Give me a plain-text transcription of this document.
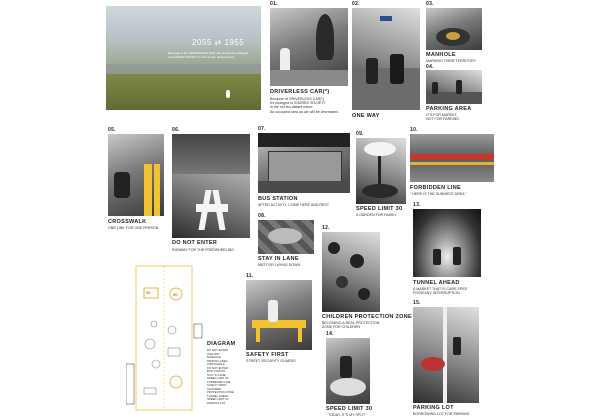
2055 ⇄ 1955
Because of the DRIVERLESS CAR, the streets are changed
to SHARED SOCIETY in the not too distant future.
01.
DRIVERLESS CAR(*)
Because of DRIVERLESS CAR(*),
it's changed to SHARED SOCIETY
in the not too distant future.
An occupied area as car will be decreased.
02.
ONE WAY
03.
MANHOLE
MARKING THEIR TERRITORY
04.
PARKING AREA
IT'S FOR MARKET,
NOT FOR PARKING
05.
CROSSWALK
ONE LINE FOR ONE PERSON
06.
DO NOT ENTER
RUNWAY FOR THE FREEWHEELING
07.
BUS STATION
AFTER ACTIVITY, COME HERE AND REST
08.
STAY IN LANE
MAT FOR LAYING DOWN
09.
SPEED LIMIT 30
A GARDEN FOR FAMILY
10.
FORBIDDEN LINE
" HERE IS THE SUNNIEST AREA "
11.
SAFETY FIRST
STREET SECURITY GUARDS
12.
CHILDREN PROTECTION ZONE
BECOMING A REAL PROTECTION
ZONE FOR CHILDREN
13.
TUNNEL AHEAD
A MARKET THAT IS CARE-FREE
FROM ANY INTERRUPTION
14.
SPEED LIMIT 30
" TODAY, IT'S MY SPOT "
15.
PARKING LOT
BORROWING LOT FOR PARKING
30	30
DIAGRAM
DO NOT ENTER
ONE WAY
MANHOLE
PARKING AREA
CROSSWALK
DO NOT ENTER
BUS STATION
STAY IN LANE
SPEED LIMIT 30
FORBIDDEN LINE
SAFETY FIRST
CHILDREN
PROTECTION ZONE
TUNNEL AHEAD
SPEED LIMIT 30
PARKING LOT
